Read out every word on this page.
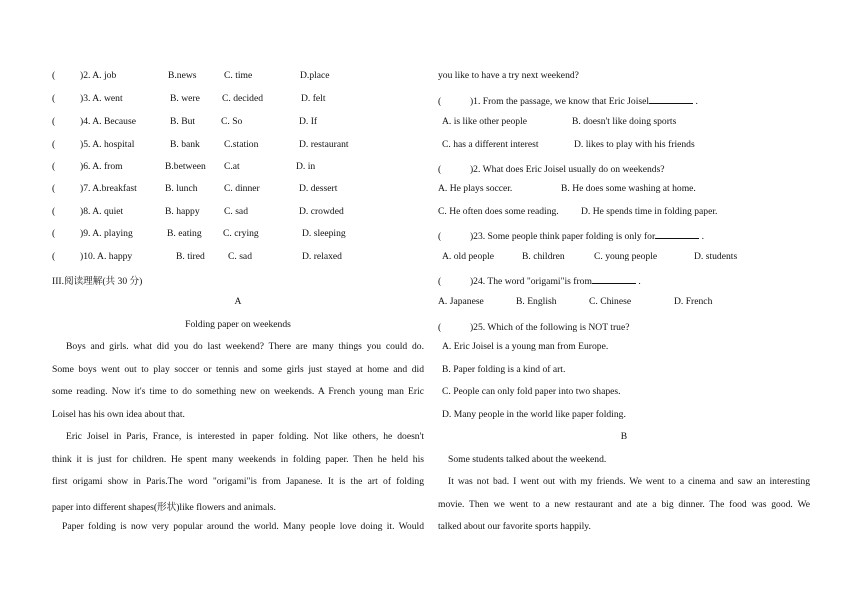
(	)2. A. job	B.news	C. time	D.place
(	)3. A. went	B. were C. decided	D. felt
(	)4. A. Because	B. But	C. So	D. If
(	)5. A. hospital	B. bank	C.station	D. restaurant
(	)6. A. from	B.between C.at	D. in
(	)7. A.breakfast	B. lunch	C. dinner	D. dessert
(	)8. A. quiet	B. happy	C. sad	D. crowded
(	)9. A. playing	B. eating C. crying	D. sleeping
(	)10. A. happy	B. tired C. sad	D. relaxed
III.阅读理解(共 30 分)
A
Folding paper on weekends
Boys and girls. what did you do last weekend? There are many things you could do.
Some boys went out to play soccer or tennis and some girls just stayed at home and did
some reading. Now it's time to do something new on weekends. A French young man Eric
Loisel has his own idea about that.
Eric Joisel in Paris, France, is interested in paper folding. Not like others, he doesn't
think it is just for children. He spent many weekends in folding paper. Then he held his
first origami show in Paris.The word "origami"is from Japanese. It is the art of folding
paper into different shapes(形状)like flowers and animals.
Paper folding is now very popular around the world. Many people love doing it. Would
you like to have a try next weekend?
(　　　)1. From the passage, we know that Eric Joisel	.
A. is like other people	B. doesn't like doing sports
C. has a different interest	D. likes to play with his friends
(　　　)2. What does Eric Joisel usually do on weekends?
A. He plays soccer.	B. He does some washing at home.
C. He often does some reading. D. He spends time in folding paper.
(　　　)23. Some people think paper folding is only for	.
A. old people	B. children	C. young people	D. students
(　　　)24. The word "origami"is from	.
A. Japanese	B. English	C. Chinese	D. French
(　　　)25. Which of the following is NOT true?
A. Eric Joisel is a young man from Europe.
B. Paper folding is a kind of art.
C. People can only fold paper into two shapes.
D. Many people in the world like paper folding.
B
Some students talked about the weekend.
It was not bad. I went out with my friends. We went to a cinema and saw an interesting
movie. Then we went to a new restaurant and ate a big dinner. The food was good. We
talked about our favorite sports happily.
